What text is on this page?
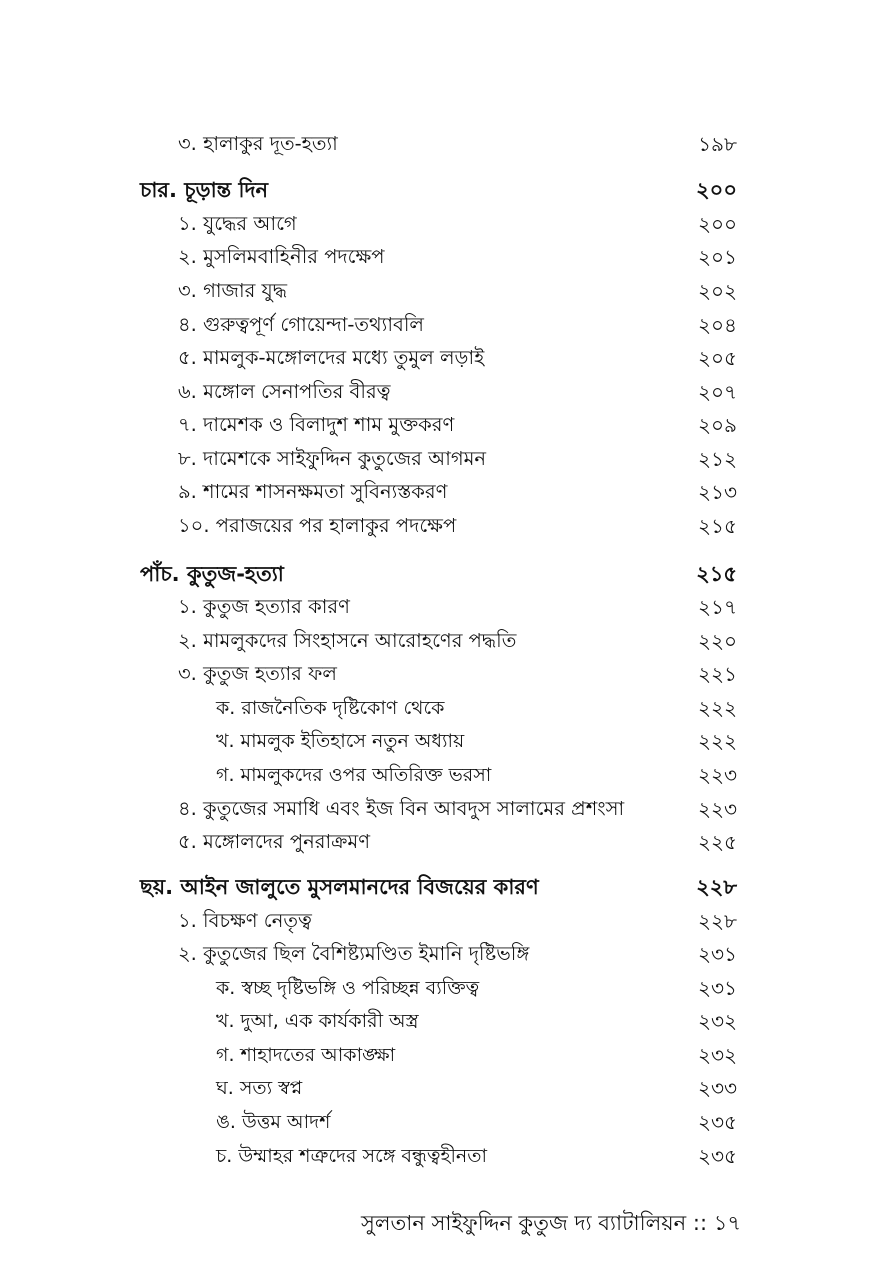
৩. হালাকুর দূত-হত্যা	১৯৮
চার. চূড়ান্ত দিন	২০০
১. যুদ্ধের আগে	২০০
২. মুসলিমবাহিনীর পদক্ষেপ	২০১
৩. গাজার যুদ্ধ	২০২
৪. গুরুত্বপূর্ণ গোয়েন্দা-তথ্যাবলি	২০৪
৫. মামলুক-মঙ্গোলদের মধ্যে তুমুল লড়াই	২০৫
৬. মঙ্গোল সেনাপতির বীরত্ব	২০৭
৭. দামেশক ও বিলাদুশ শাম মুক্তকরণ	২০৯
৮. দামেশকে সাইফুদ্দিন কুতুজের আগমন	২১২
৯. শামের শাসনক্ষমতা সুবিন্যস্তকরণ	২১৩
১০. পরাজয়ের পর হালাকুর পদক্ষেপ	২১৫
পাঁচ. কুতুজ-হত্যা	২১৫
১. কুতুজ হত্যার কারণ	২১৭
২. মামলুকদের সিংহাসনে আরোহণের পদ্ধতি	২২০
৩. কুতুজ হত্যার ফল	২২১
ক. রাজনৈতিক দৃষ্টিকোণ থেকে	২২২
খ. মামলুক ইতিহাসে নতুন অধ্যায়	২২২
গ. মামলুকদের ওপর অতিরিক্ত ভরসা	২২৩
৪. কুতুজের সমাধি এবং ইজ বিন আবদুস সালামের প্রশংসা	২২৩
৫. মঙ্গোলদের পুনরাক্রমণ	২২৫
ছয়. আইন জালুতে মুসলমানদের বিজয়ের কারণ	২২৮
১. বিচক্ষণ নেতৃত্ব	২২৮
২. কুতুজের ছিল বৈশিষ্ট্যমণ্ডিত ইমানি দৃষ্টিভঙ্গি	২৩১
ক. স্বচ্ছ দৃষ্টিভঙ্গি ও পরিচ্ছন্ন ব্যক্তিত্ব	২৩১
খ. দুআ, এক কার্যকারী অস্ত্র	২৩২
গ. শাহাদতের আকাঙ্ক্ষা	২৩২
ঘ. সত্য স্বপ্ন	২৩৩
ঙ. উত্তম আদর্শ	২৩৫
চ. উম্মাহর শত্রুদের সঙ্গে বন্ধুত্বহীনতা	২৩৫
সুলতান সাইফুদ্দিন কুতুজ দ্য ব্যাটালিয়ন :: ১৭
